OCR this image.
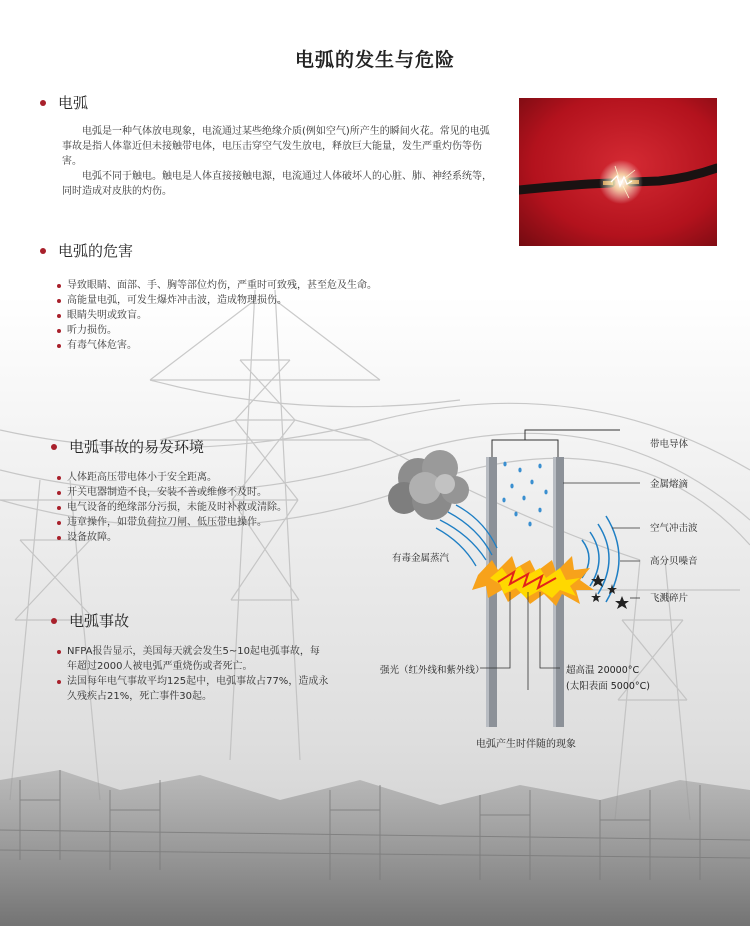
电弧的发生与危险
电弧

电弧是一种气体放电现象，电流通过某些绝缘介质(例如空气)所产生的瞬间火花。常见的电弧事故是指人体靠近但未接触带电体，电压击穿空气发生放电，释放巨大能量，发生严重灼伤等伤害。

电弧不同于触电。触电是人体直接接触电源，电流通过人体破坏人的心脏、肺、神经系统等，同时造成对皮肤的灼伤。

电弧的危害
导致眼睛、面部、手、胸等部位灼伤，严重时可致残，甚至危及生命。
高能量电弧，可发生爆炸冲击波，造成物理损伤。
眼睛失明或致盲。
听力损伤。
有毒气体危害。
电弧事故的易发环境
人体距高压带电体小于安全距离。
开关电器制造不良，安装不善或维修不及时。
电气设备的绝缘部分污损，未能及时补救或清除。
违章操作，如带负荷拉刀闸、低压带电操作。
设备故障。
电弧事故
NFPA报告显示，美国每天就会发生5~10起电弧事故，每年超过2000人被电弧严重烧伤或者死亡。
法国每年电气事故平均125起中，电弧事故占77%，造成永久残疾占21%，死亡事件30起。
带电导体
金属熔滴
空气冲击波
高分贝噪音
飞溅碎片
有毒金属蒸汽
强光（红外线和紫外线）	超高温 20000°C
(太阳表面 5000°C)
电弧产生时伴随的现象
